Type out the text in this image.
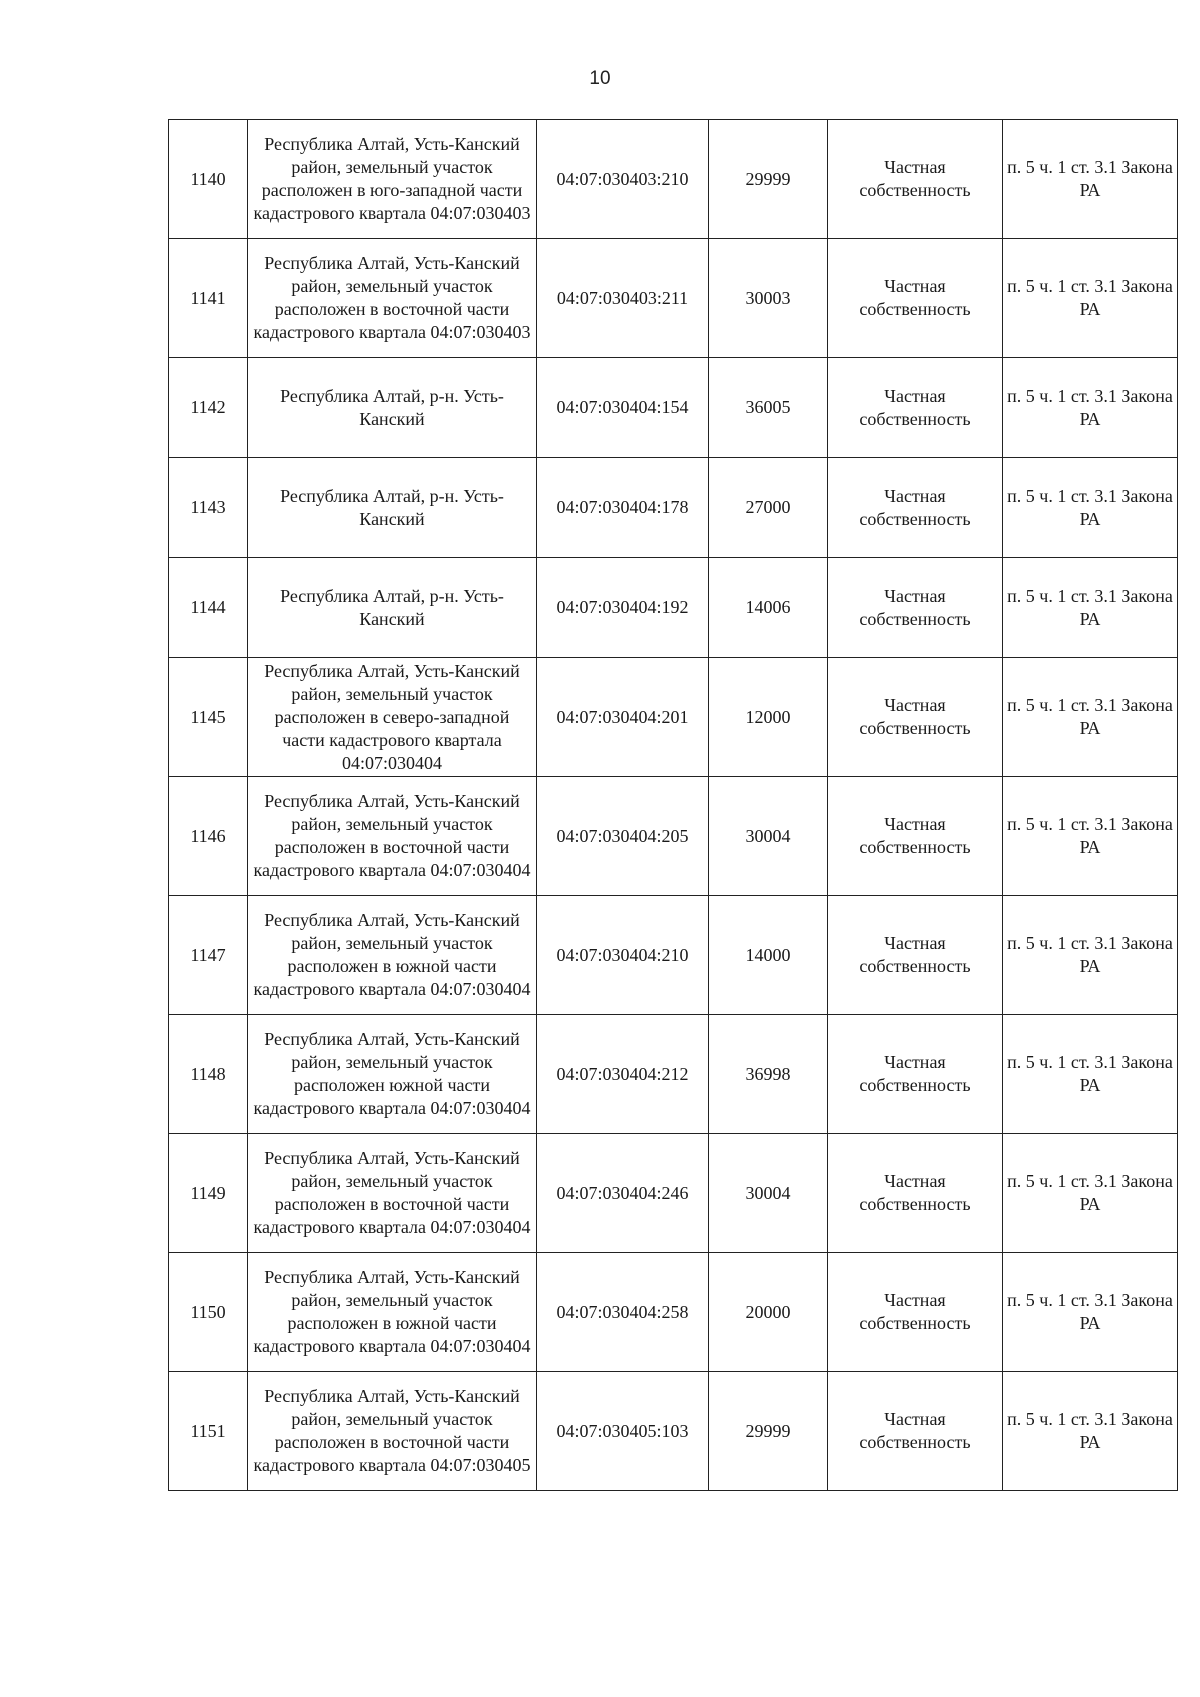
10
1140	Республика Алтай, Усть-Канский район, земельный участок расположен в юго-западной части кадастрового квартала 04:07:030403	04:07:030403:210	29999	Частная собственность	п. 5 ч. 1 ст. 3.1 Закона РА
1141	Республика Алтай, Усть-Канский район, земельный участок расположен в восточной части кадастрового квартала 04:07:030403	04:07:030403:211	30003	Частная собственность	п. 5 ч. 1 ст. 3.1 Закона РА
1142	Республика Алтай, р-н. Усть-Канский	04:07:030404:154	36005	Частная собственность	п. 5 ч. 1 ст. 3.1 Закона РА
1143	Республика Алтай, р-н. Усть-Канский	04:07:030404:178	27000	Частная собственность	п. 5 ч. 1 ст. 3.1 Закона РА
1144	Республика Алтай, р-н. Усть-Канский	04:07:030404:192	14006	Частная собственность	п. 5 ч. 1 ст. 3.1 Закона РА
1145	Республика Алтай, Усть-Канский район, земельный участок расположен в северо-западной части кадастрового квартала 04:07:030404	04:07:030404:201	12000	Частная собственность	п. 5 ч. 1 ст. 3.1 Закона РА
1146	Республика Алтай, Усть-Канский район, земельный участок расположен в восточной части кадастрового квартала 04:07:030404	04:07:030404:205	30004	Частная собственность	п. 5 ч. 1 ст. 3.1 Закона РА
1147	Республика Алтай, Усть-Канский район, земельный участок расположен в южной части кадастрового квартала 04:07:030404	04:07:030404:210	14000	Частная собственность	п. 5 ч. 1 ст. 3.1 Закона РА
1148	Республика Алтай, Усть-Канский район, земельный участок расположен южной части кадастрового квартала 04:07:030404	04:07:030404:212	36998	Частная собственность	п. 5 ч. 1 ст. 3.1 Закона РА
1149	Республика Алтай, Усть-Канский район, земельный участок расположен в восточной части кадастрового квартала 04:07:030404	04:07:030404:246	30004	Частная собственность	п. 5 ч. 1 ст. 3.1 Закона РА
1150	Республика Алтай, Усть-Канский район, земельный участок расположен в южной части кадастрового квартала 04:07:030404	04:07:030404:258	20000	Частная собственность	п. 5 ч. 1 ст. 3.1 Закона РА
1151	Республика Алтай, Усть-Канский район, земельный участок расположен в восточной части кадастрового квартала 04:07:030405	04:07:030405:103	29999	Частная собственность	п. 5 ч. 1 ст. 3.1 Закона РА
